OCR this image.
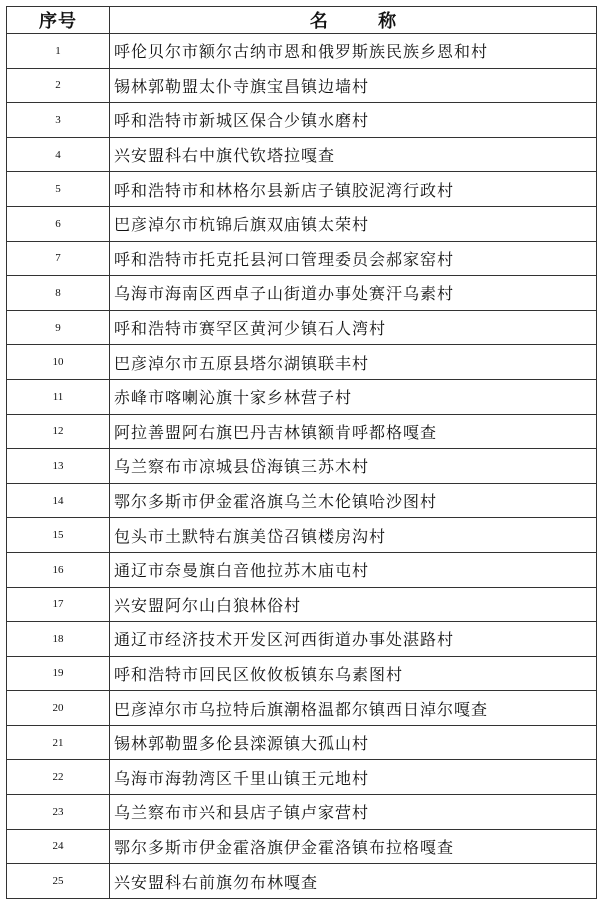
序号	名 称
1	呼伦贝尔市额尔古纳市恩和俄罗斯族民族乡恩和村
2	锡林郭勒盟太仆寺旗宝昌镇边墙村
3	呼和浩特市新城区保合少镇水磨村
4	兴安盟科右中旗代钦塔拉嘎查
5	呼和浩特市和林格尔县新店子镇胶泥湾行政村
6	巴彦淖尔市杭锦后旗双庙镇太荣村
7	呼和浩特市托克托县河口管理委员会郝家窑村
8	乌海市海南区西卓子山街道办事处赛汗乌素村
9	呼和浩特市赛罕区黄河少镇石人湾村
10	巴彦淖尔市五原县塔尔湖镇联丰村
11	赤峰市喀喇沁旗十家乡林营子村
12	阿拉善盟阿右旗巴丹吉林镇额肯呼都格嘎查
13	乌兰察布市凉城县岱海镇三苏木村
14	鄂尔多斯市伊金霍洛旗乌兰木伦镇哈沙图村
15	包头市土默特右旗美岱召镇楼房沟村
16	通辽市奈曼旗白音他拉苏木庙屯村
17	兴安盟阿尔山白狼林俗村
18	通辽市经济技术开发区河西街道办事处湛路村
19	呼和浩特市回民区攸攸板镇东乌素图村
20	巴彦淖尔市乌拉特后旗潮格温都尔镇西日淖尔嘎查
21	锡林郭勒盟多伦县滦源镇大孤山村
22	乌海市海勃湾区千里山镇王元地村
23	乌兰察布市兴和县店子镇卢家营村
24	鄂尔多斯市伊金霍洛旗伊金霍洛镇布拉格嘎查
25	兴安盟科右前旗勿布林嘎查
